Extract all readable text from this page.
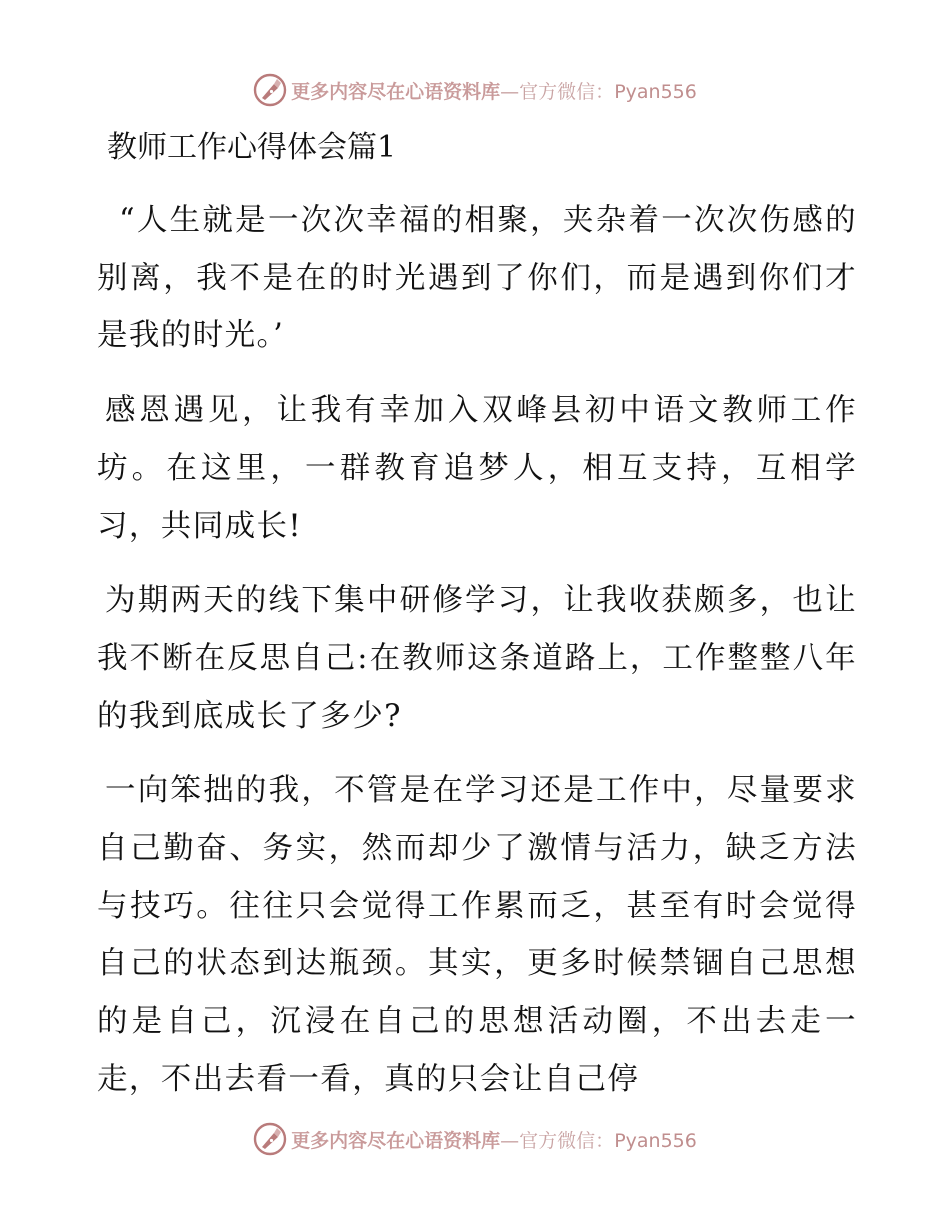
更多内容尽在心语资料库—官方微信：Pyan556
教师工作心得体会篇1

“人生就是一次次幸福的相聚，夹杂着一次次伤感的别离，我不是在的时光遇到了你们，而是遇到你们才是我的时光。’

感恩遇见，让我有幸加入双峰县初中语文教师工作坊。在这里，一群教育追梦人，相互支持，互相学习，共同成长!

为期两天的线下集中研修学习，让我收获颇多，也让我不断在反思自己:在教师这条道路上，工作整整八年的我到底成长了多少?

一向笨拙的我，不管是在学习还是工作中，尽量要求自己勤奋、务实，然而却少了激情与活力，缺乏方法与技巧。往往只会觉得工作累而乏，甚至有时会觉得自己的状态到达瓶颈。其实，更多时候禁锢自己思想的是自己，沉浸在自己的思想活动圈，不出去走一走，不出去看一看，真的只会让自己停

更多内容尽在心语资料库—官方微信：Pyan556
